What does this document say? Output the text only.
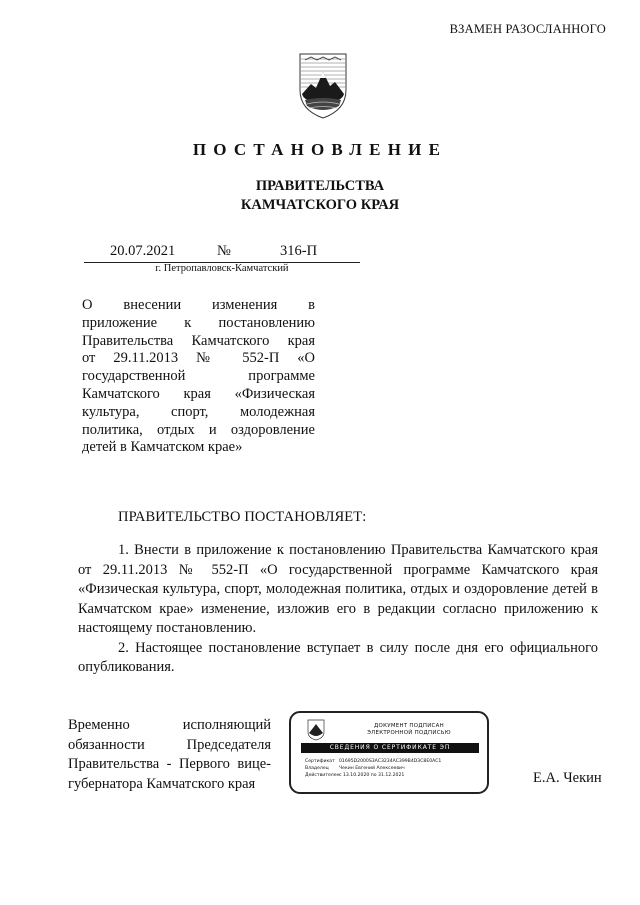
ВЗАМЕН РАЗОСЛАННОГО
ПОСТАНОВЛЕНИЕ
ПРАВИТЕЛЬСТВА
КАМЧАТСКОГО КРАЯ
20.07.2021	№	316-П
г. Петропавловск-Камчатский
О внесении изменения в
приложение к постановлению
Правительства Камчатского края
от 29.11.2013 № 552-П «О
государственной программе
Камчатского края «Физическая
культура, спорт, молодежная
политика, отдых и оздоровление
детей в Камчатском крае»
ПРАВИТЕЛЬСТВО ПОСТАНОВЛЯЕТ:

1. Внести в приложение к постановлению Правительства Камчатского края от 29.11.2013 № 552-П «О государственной программе Камчатского края «Физическая культура, спорт, молодежная политика, отдых и оздоровление детей в Камчатском крае» изменение, изложив его в редакции согласно приложению к настоящему постановлению.

2. Настоящее постановление вступает в силу после дня его официального опубликования.

Временно исполняющий
обязанности Председателя
Правительства - Первого вице-
губернатора Камчатского края
ДОКУМЕНТ ПОДПИСАН
ЭЛЕКТРОННОЙ ПОДПИСЬЮ
СВЕДЕНИЯ О СЕРТИФИКАТЕ ЭП
Сертификат 01695D2000S3AC3234AC399B4D3C8E0AC1
Владелец Чекин Евгений Алексеевич
Действителенс 13.10.2020 по 31.12.2021	Е.А. Чекин
